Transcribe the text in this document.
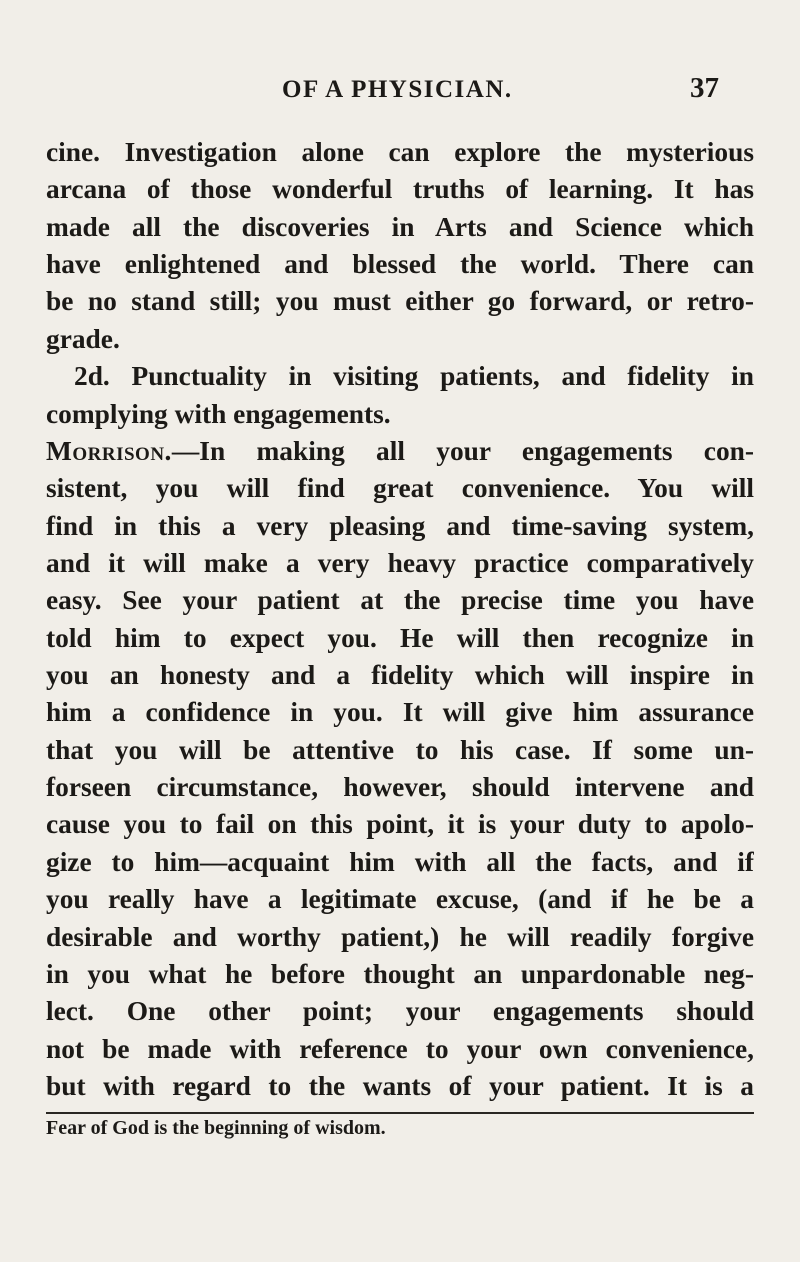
OF A PHYSICIAN.	37
cine. Investigation alone can explore the mysterious
arcana of those wonderful truths of learning. It has
made all the discoveries in Arts and Science which
have enlightened and blessed the world. There can
be no stand still; you must either go forward, or retro-
grade.
2d. Punctuality in visiting patients, and fidelity in
complying with engagements.
Morrison.—In making all your engagements con-
sistent, you will find great convenience. You will
find in this a very pleasing and time-saving system,
and it will make a very heavy practice comparatively
easy. See your patient at the precise time you have
told him to expect you. He will then recognize in
you an honesty and a fidelity which will inspire in
him a confidence in you. It will give him assurance
that you will be attentive to his case. If some un-
forseen circumstance, however, should intervene and
cause you to fail on this point, it is your duty to apolo-
gize to him—acquaint him with all the facts, and if
you really have a legitimate excuse, (and if he be a
desirable and worthy patient,) he will readily forgive
in you what he before thought an unpardonable neg-
lect. One other point; your engagements should
not be made with reference to your own convenience,
but with regard to the wants of your patient. It is a
Fear of God is the beginning of wisdom.
